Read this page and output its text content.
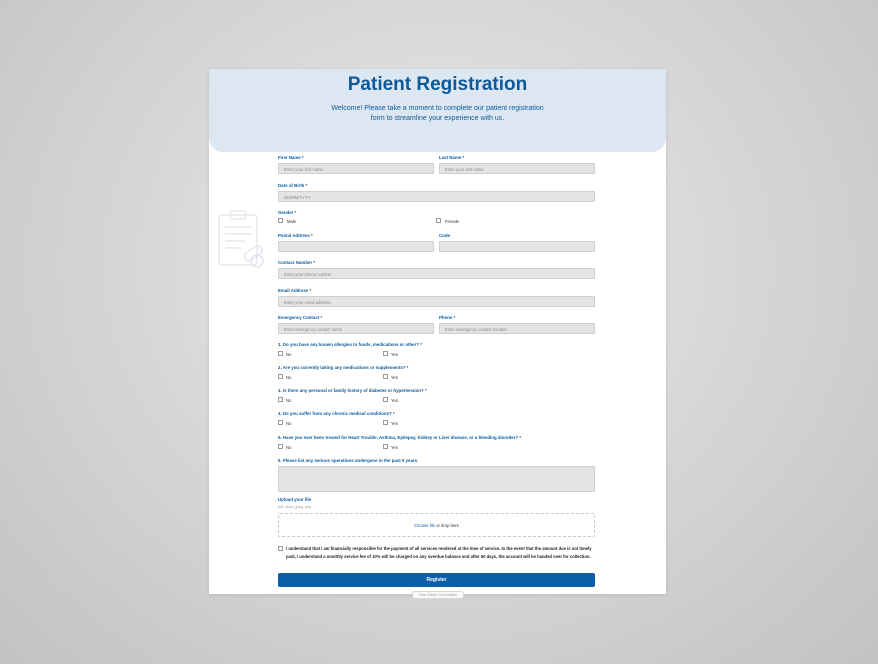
Patient Registration
Welcome! Please take a moment to complete our patient registration form to streamline your experience with us.
First Name *
Enter your first name
Last Name *
Enter your last name
Date of Birth *
DD/MM/YYYY
Gender *
Male	Female
Postal Address *	Code
Contact Number *
Enter your phone number
Email Address *
Enter your email address
Emergency Contact *
Enter emergency contact name
Phone *
Enter emergency contact number
1. Do you have any known allergies to foods, medications or other? *
No	Yes
2. Are you currently taking any medications or supplements? *
No	Yes
3. Is there any personal or family history of diabetes or hypertension? *
No	Yes
4. Do you suffer from any chronic medical conditions? *
No	Yes
5. Have you ever been treated for Heart Trouble, Asthma, Epilepsy, Kidney or Liver disease, or a bleeding disorder? *
No	Yes
6. Please list any serious operations undergone in the past 5 years.
Upload your file
pdf, docx, jpeg, png
Choose file or drop here
I understand that I am financially responsible for the payment of all services rendered at the time of service. In the event that the amount due is not timely paid, I understand a monthly service fee of 10% will be charged on any overdue balance and after 60 days, the account will be handed over for collection.
Register
Free Online Form Builder
